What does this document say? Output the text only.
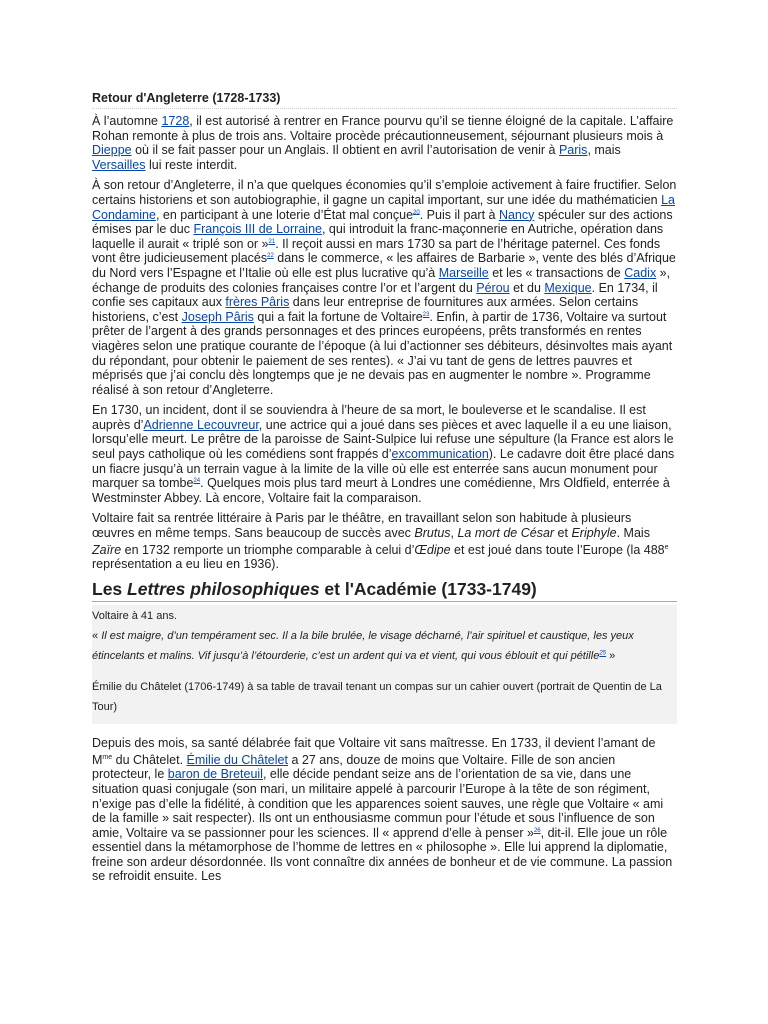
Retour d'Angleterre (1728-1733)

À l’automne 1728, il est autorisé à rentrer en France pourvu qu’il se tienne éloigné de la capitale. L’affaire Rohan remonte à plus de trois ans. Voltaire procède précautionneusement, séjournant plusieurs mois à Dieppe où il se fait passer pour un Anglais. Il obtient en avril l’autorisation de venir à Paris, mais Versailles lui reste interdit.

À son retour d’Angleterre, il n’a que quelques économies qu’il s’emploie activement à faire fructifier. Selon certains historiens et son autobiographie, il gagne un capital important, sur une idée du mathématicien La Condamine, en participant à une loterie d’État mal conçue$^{20}$. Puis il part à Nancy spéculer sur des actions émises par le duc François III de Lorraine, qui introduit la franc-maçonnerie en Autriche, opération dans laquelle il aurait « triplé son or »$^{21}$. Il reçoit aussi en mars 1730 sa part de l’héritage paternel. Ces fonds vont être judicieusement placés$^{22}$ dans le commerce, « les affaires de Barbarie », vente des blés d’Afrique du Nord vers l’Espagne et l’Italie où elle est plus lucrative qu’à Marseille et les « transactions de Cadix », échange de produits des colonies françaises contre l’or et l’argent du Pérou et du Mexique. En 1734, il confie ses capitaux aux frères Pâris dans leur entreprise de fournitures aux armées. Selon certains historiens, c’est Joseph Pâris qui a fait la fortune de Voltaire$^{23}$. Enfin, à partir de 1736, Voltaire va surtout prêter de l’argent à des grands personnages et des princes européens, prêts transformés en rentes viagères selon une pratique courante de l’époque (à lui d’actionner ses débiteurs, désinvoltes mais ayant du répondant, pour obtenir le paiement de ses rentes). « J’ai vu tant de gens de lettres pauvres et méprisés que j’ai conclu dès longtemps que je ne devais pas en augmenter le nombre ». Programme réalisé à son retour d’Angleterre.

En 1730, un incident, dont il se souviendra à l’heure de sa mort, le bouleverse et le scandalise. Il est auprès d’Adrienne Lecouvreur, une actrice qui a joué dans ses pièces et avec laquelle il a eu une liaison, lorsqu’elle meurt. Le prêtre de la paroisse de Saint-Sulpice lui refuse une sépulture (la France est alors le seul pays catholique où les comédiens sont frappés d’excommunication). Le cadavre doit être placé dans un fiacre jusqu’à un terrain vague à la limite de la ville où elle est enterrée sans aucun monument pour marquer sa tombe$^{24}$. Quelques mois plus tard meurt à Londres une comédienne, Mrs Oldfield, enterrée à Westminster Abbey. Là encore, Voltaire fait la comparaison.

Voltaire fait sa rentrée littéraire à Paris par le théâtre, en travaillant selon son habitude à plusieurs œuvres en même temps. Sans beaucoup de succès avec Brutus, La mort de César et Eriphyle. Mais Zaïre en 1732 remporte un triomphe comparable à celui d’Œdipe et est joué dans toute l’Europe (la 488e représentation a eu lieu en 1936).

Les Lettres philosophiques et l'Académie (1733-1749)

Voltaire à 41 ans.

« Il est maigre, d’un tempérament sec. Il a la bile brulée, le visage décharné, l’air spirituel et caustique, les yeux étincelants et malins. Vif jusqu’à l’étourderie, c’est un ardent qui va et vient, qui vous éblouit et qui pétille$^{25}$ »

Émilie du Châtelet (1706-1749) à sa table de travail tenant un compas sur un cahier ouvert (portrait de Quentin de La Tour)

Depuis des mois, sa santé délabrée fait que Voltaire vit sans maîtresse. En 1733, il devient l’amant de $M^{me}$ du Châtelet. Émilie du Châtelet a 27 ans, douze de moins que Voltaire. Fille de son ancien protecteur, le baron de Breteuil, elle décide pendant seize ans de l’orientation de sa vie, dans une situation quasi conjugale (son mari, un militaire appelé à parcourir l’Europe à la tête de son régiment, n’exige pas d’elle la fidélité, à condition que les apparences soient sauves, une règle que Voltaire « ami de la famille » sait respecter). Ils ont un enthousiasme commun pour l’étude et sous l’influence de son amie, Voltaire va se passionner pour les sciences. Il « apprend d’elle à penser »$^{26}$, dit-il. Elle joue un rôle essentiel dans la métamorphose de l’homme de lettres en « philosophe ». Elle lui apprend la diplomatie, freine son ardeur désordonnée. Ils vont connaître dix années de bonheur et de vie commune. La passion se refroidit ensuite. Les
